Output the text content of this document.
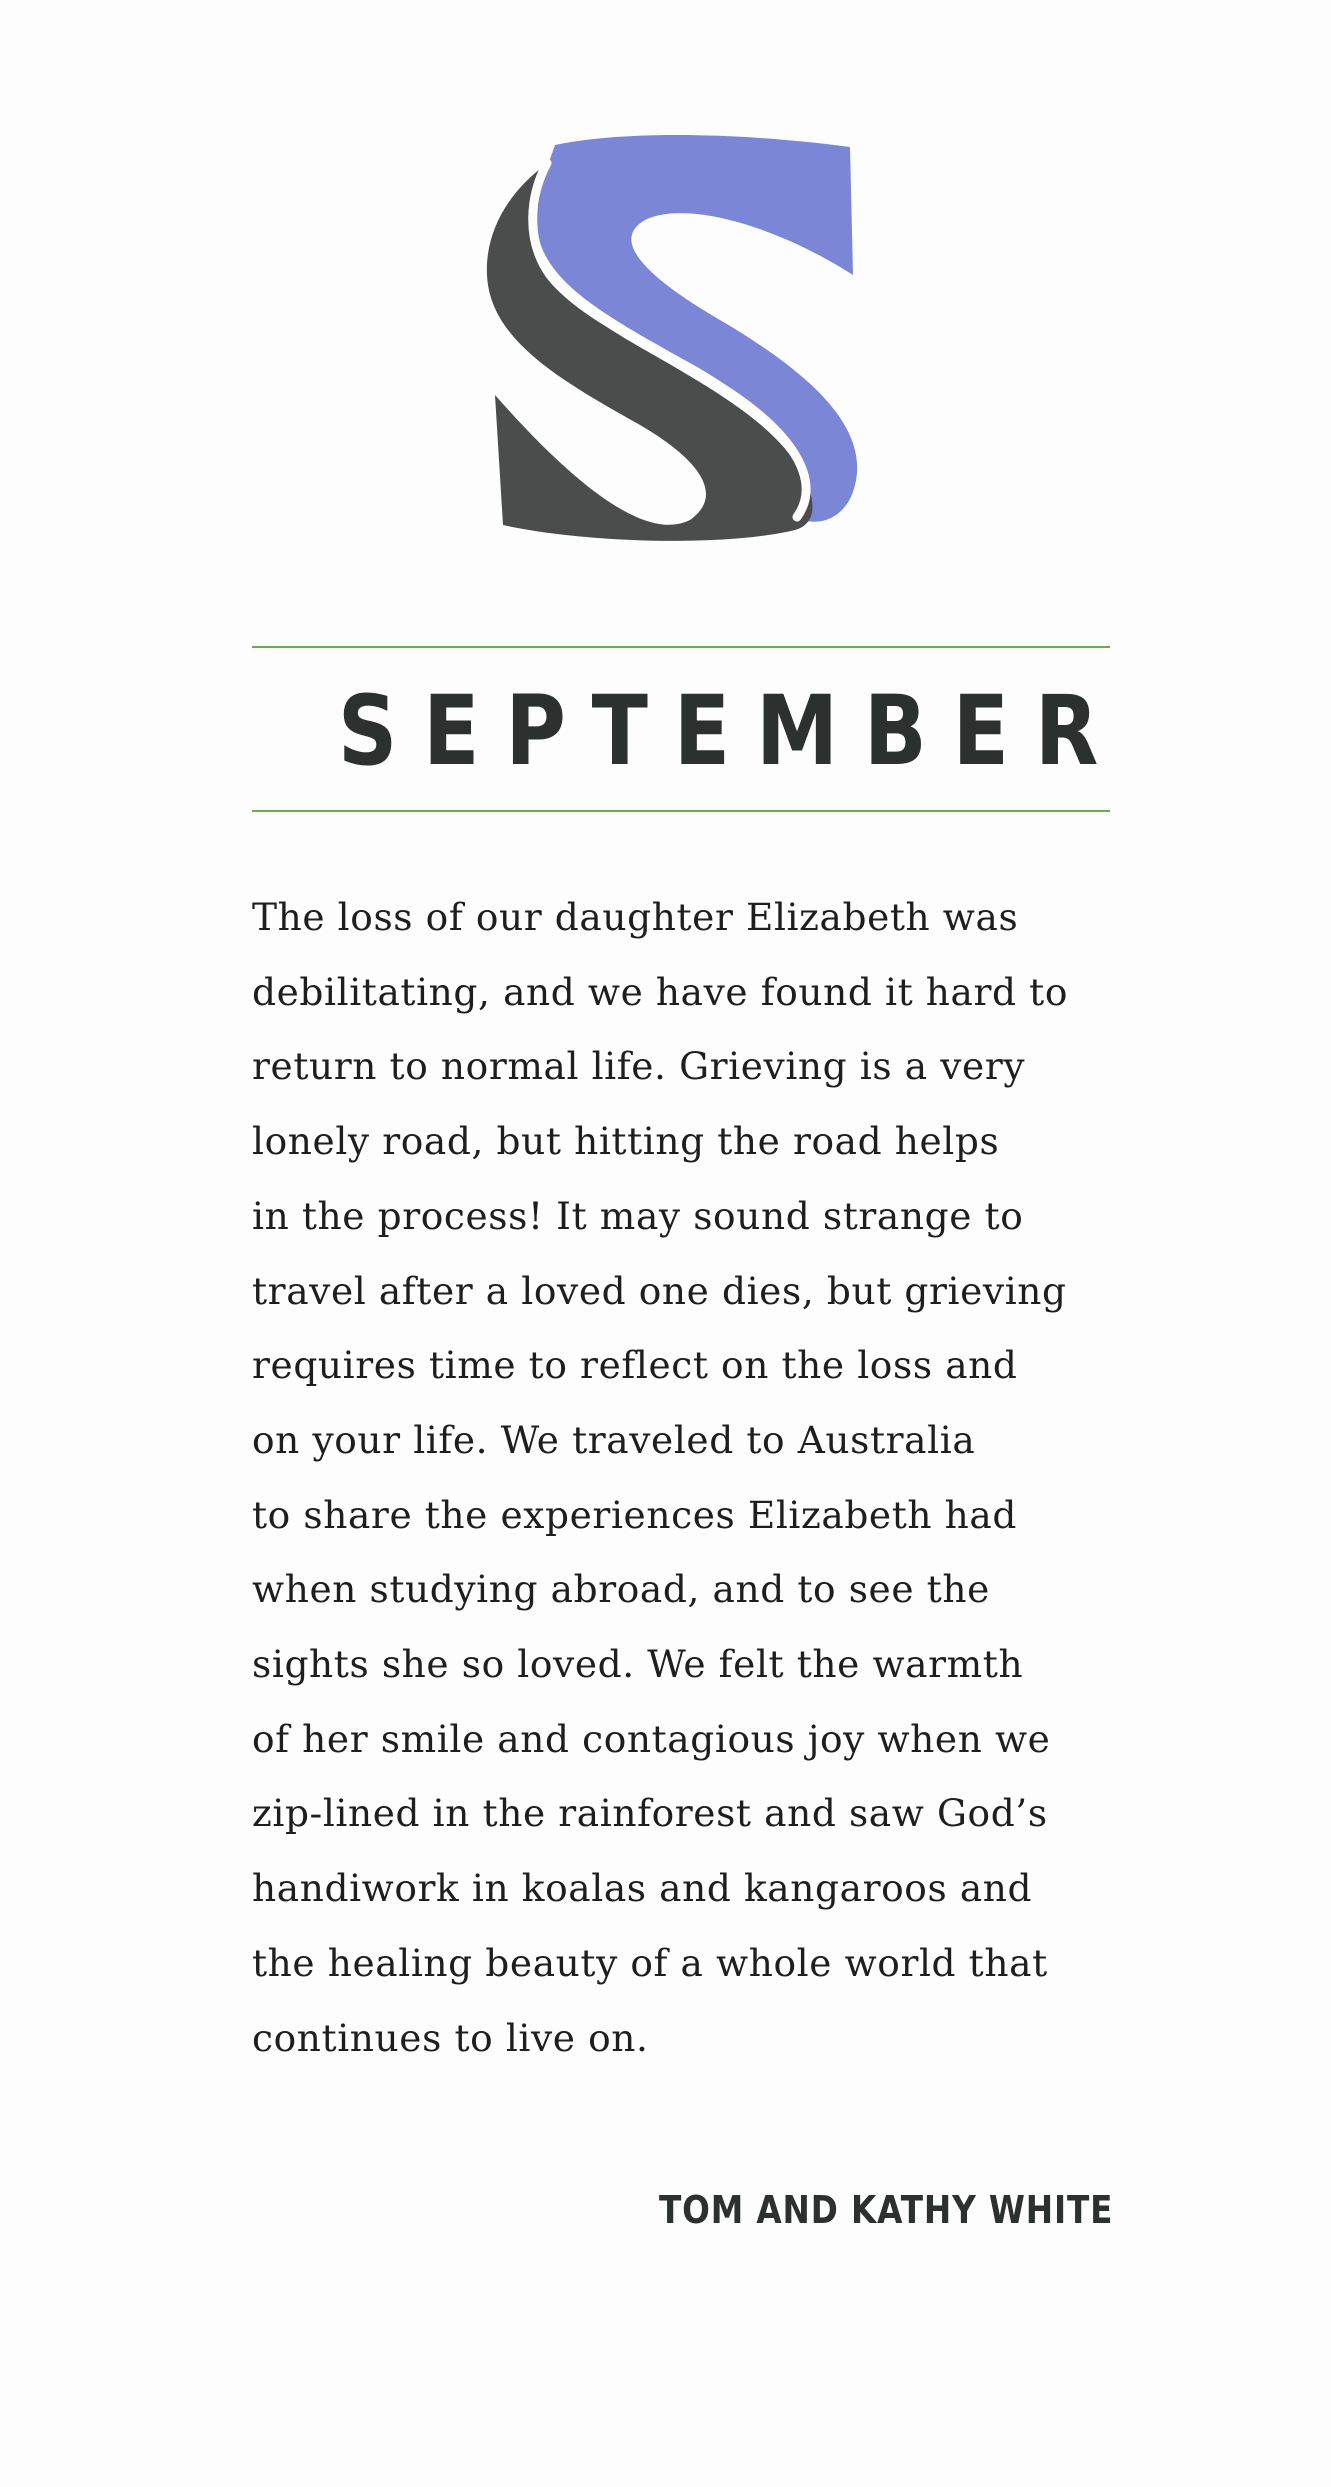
SEPTEMBER

The loss of our daughter Elizabeth was
debilitating, and we have found it hard to
return to normal life. Grieving is a very
lonely road, but hitting the road helps
in the process! It may sound strange to
travel after a loved one dies, but grieving
requires time to reflect on the loss and
on your life. We traveled to Australia
to share the experiences Elizabeth had
when studying abroad, and to see the
sights she so loved. We felt the warmth
of her smile and contagious joy when we
zip-lined in the rainforest and saw God’s
handiwork in koalas and kangaroos and
the healing beauty of a whole world that
continues to live on.

TOM AND KATHY WHITE
